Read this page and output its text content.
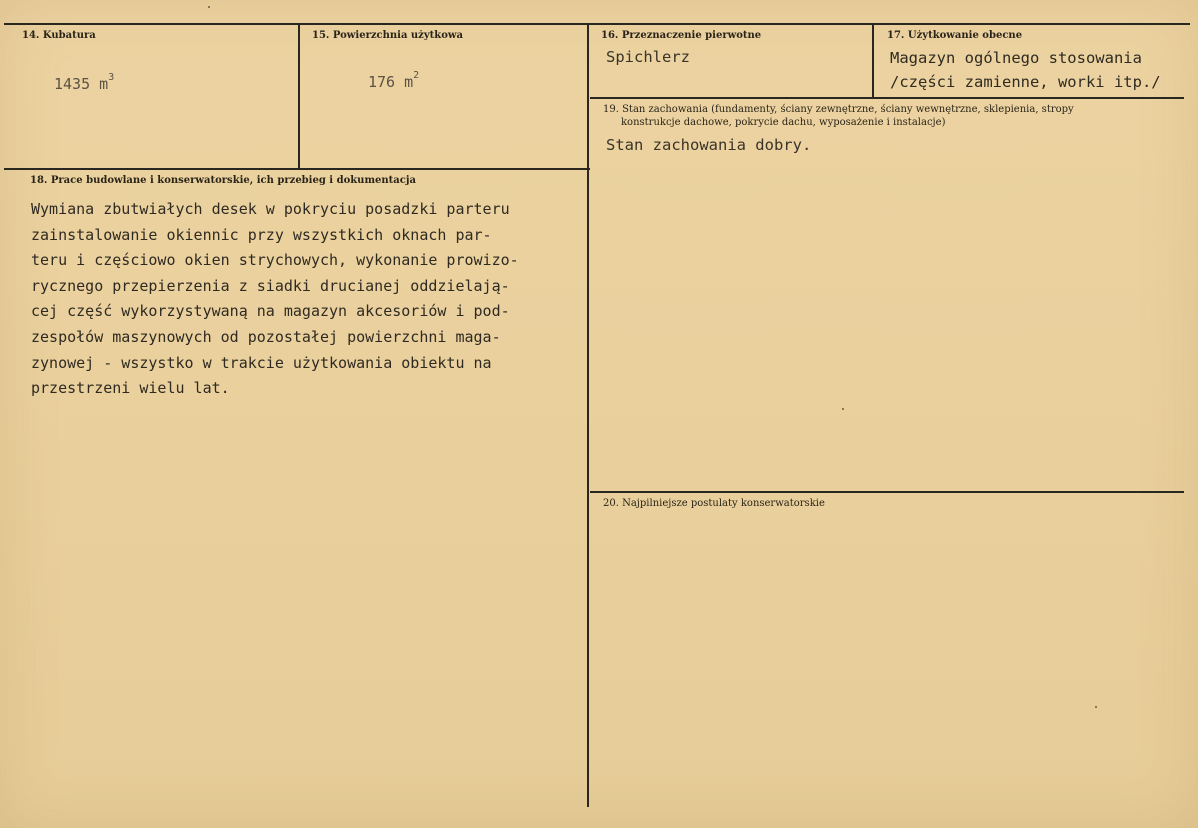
14. Kubatura
1435 $m^3$
15. Powierzchnia użytkowa
176 $m^2$
16. Przeznaczenie pierwotne
Spichlerz
17. Użytkowanie obecne
Magazyn ogólnego stosowania
/części zamienne, worki itp./
19. Stan zachowania (fundamenty, ściany zewnętrzne, ściany wewnętrzne, sklepienia, stropy
konstrukcje dachowe, pokrycie dachu, wyposażenie i instalacje)
Stan zachowania dobry.
18. Prace budowlane i konserwatorskie, ich przebieg i dokumentacja
Wymiana zbutwiałych desek w pokryciu posadzki parteru
zainstalowanie okiennic przy wszystkich oknach par-
teru i częściowo okien strychowych, wykonanie prowizo-
rycznego przepierzenia z siadki drucianej oddzielają-
cej część wykorzystywaną na magazyn akcesoriów i pod-
zespołów maszynowych od pozostałej powierzchni maga-
zynowej - wszystko w trakcie użytkowania obiektu na
przestrzeni wielu lat.
20. Najpilniejsze postulaty konserwatorskie
